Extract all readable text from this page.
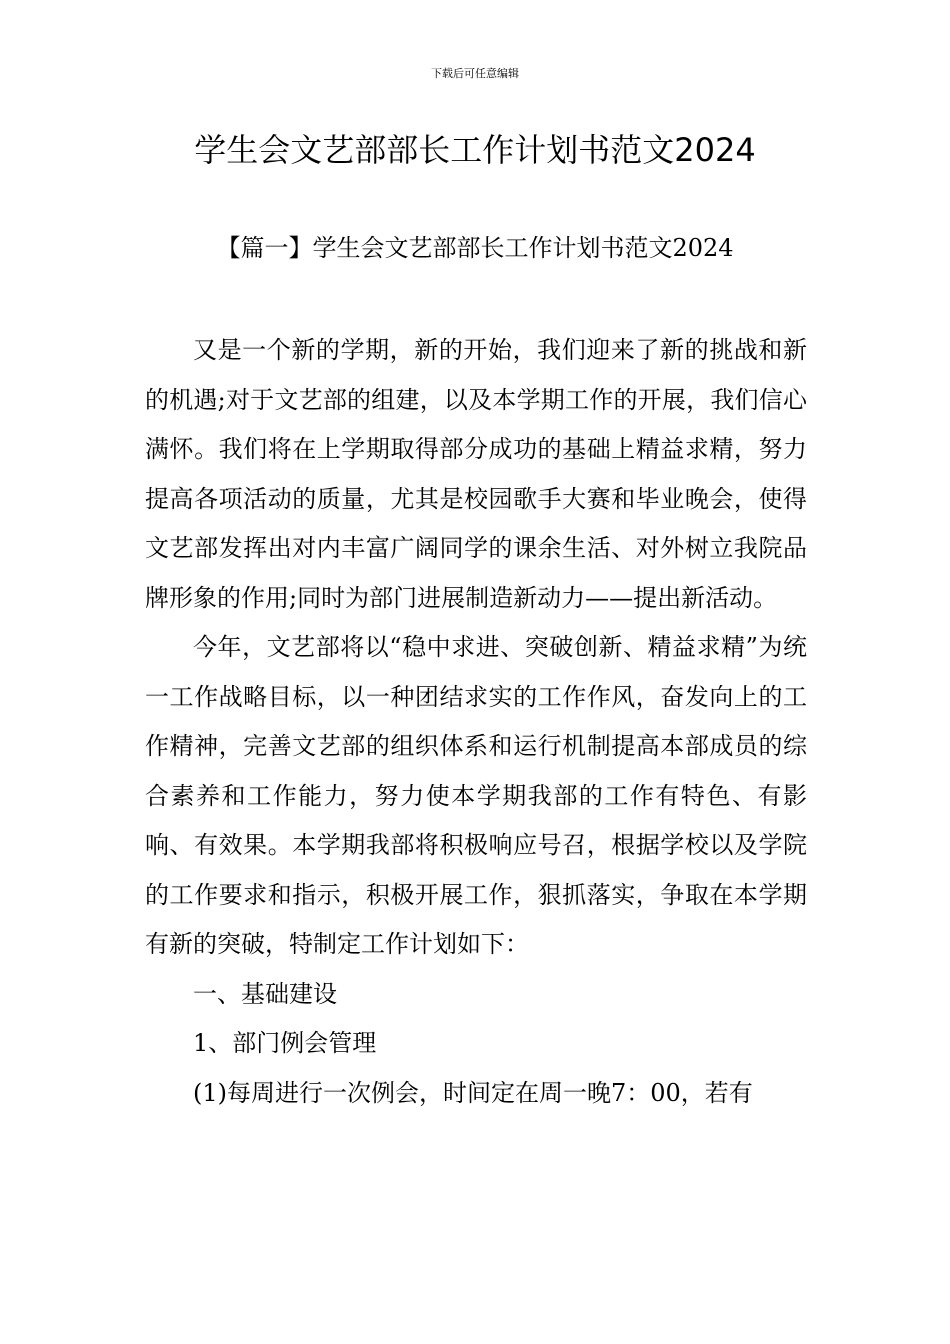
下载后可任意编辑
学生会文艺部部长工作计划书范文2024
【篇一】学生会文艺部部长工作计划书范文2024

又是一个新的学期，新的开始，我们迎来了新的挑战和新的机遇;对于文艺部的组建，以及本学期工作的开展，我们信心满怀。我们将在上学期取得部分成功的基础上精益求精，努力提高各项活动的质量，尤其是校园歌手大赛和毕业晚会，使得文艺部发挥出对内丰富广阔同学的课余生活、对外树立我院品牌形象的作用;同时为部门进展制造新动力——提出新活动。

今年，文艺部将以“稳中求进、突破创新、精益求精”为统一工作战略目标，以一种团结求实的工作作风，奋发向上的工作精神，完善文艺部的组织体系和运行机制提高本部成员的综合素养和工作能力，努力使本学期我部的工作有特色、有影响、有效果。本学期我部将积极响应号召，根据学校以及学院的工作要求和指示，积极开展工作，狠抓落实，争取在本学期有新的突破，特制定工作计划如下：

一、基础建设

1、部门例会管理

(1)每周进行一次例会，时间定在周一晚7：00，若有
